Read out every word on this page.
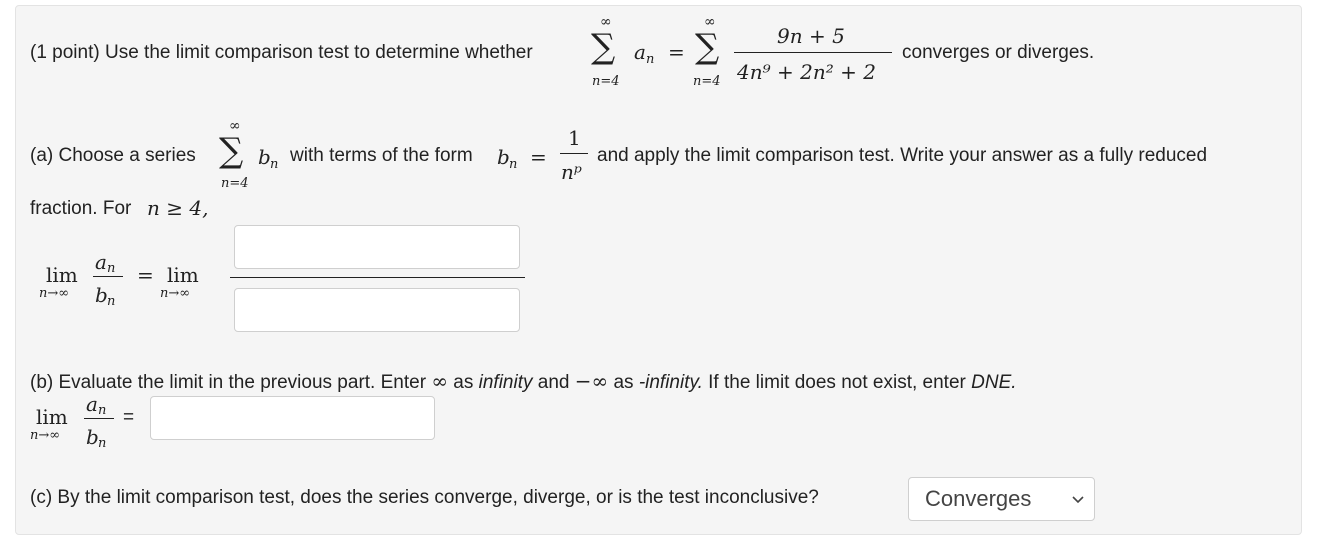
(1 point) Use the limit comparison test to determine whether
∞
∑
n=4
a n =
∞
∑
n=4
9n + 5
4n⁹ + 2n² + 2
converges or diverges.
(a) Choose a series
∞
∑
n=4
b n with terms of the form b n =
1
nᵖ
and apply the limit comparison test. Write your answer as a fully reduced
fraction. For n ≥ 4,
lim
n→∞
a n
b n
= lim
n→∞
(b) Evaluate the limit in the previous part. Enter ∞ as infinity and −∞ as -infinity. If the limit does not exist, enter DNE.
lim
n→∞
a n
b n
=
(c) By the limit comparison test, does the series converge, diverge, or is the test inconclusive?	Converges
